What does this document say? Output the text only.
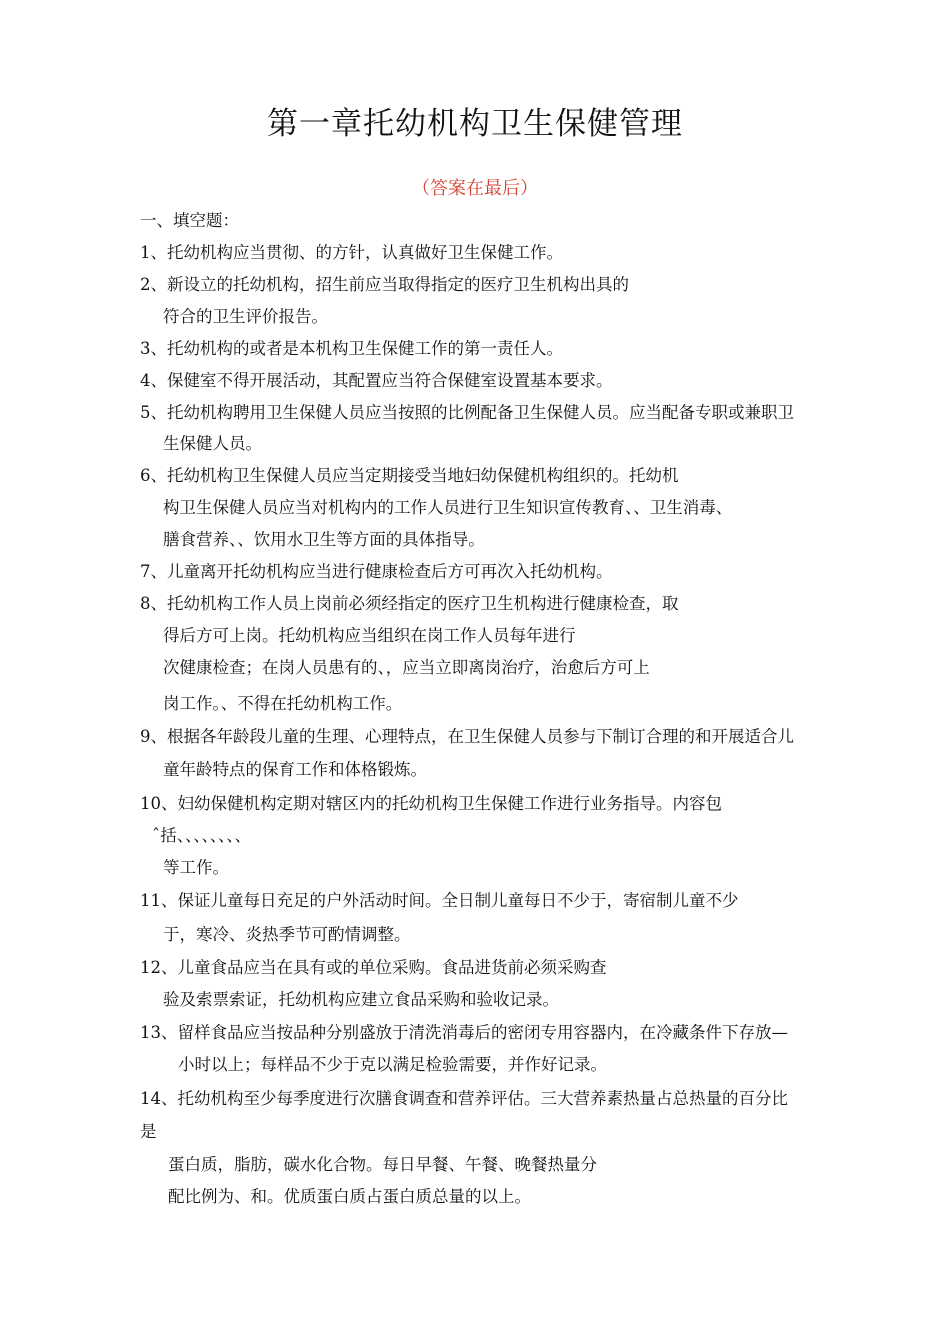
第一章托幼机构卫生保健管理
（答案在最后）
一、填空题：
1、托幼机构应当贯彻、的方针，认真做好卫生保健工作。
2、新设立的托幼机构，招生前应当取得指定的医疗卫生机构出具的
符合的卫生评价报告。
3、托幼机构的或者是本机构卫生保健工作的第一责任人。
4、保健室不得开展活动，其配置应当符合保健室设置基本要求。
5、托幼机构聘用卫生保健人员应当按照的比例配备卫生保健人员。应当配备专职或兼职卫
生保健人员。
6、托幼机构卫生保健人员应当定期接受当地妇幼保健机构组织的。托幼机
构卫生保健人员应当对机构内的工作人员进行卫生知识宣传教育、、卫生消毒、
膳食营养、、饮用水卫生等方面的具体指导。
7、儿童离开托幼机构应当进行健康检查后方可再次入托幼机构。
8、托幼机构工作人员上岗前必须经指定的医疗卫生机构进行健康检查，取
得后方可上岗。托幼机构应当组织在岗工作人员每年进行
次健康检查；在岗人员患有的、，应当立即离岗治疗，治愈后方可上
岗工作。、不得在托幼机构工作。
9、根据各年龄段儿童的生理、心理特点，在卫生保健人员参与下制订合理的和开展适合儿
童年龄特点的保育工作和体格锻炼。
10、妇幼保健机构定期对辖区内的托幼机构卫生保健工作进行业务指导。内容包
ˆ括、、、、、、、、
等工作。
11、保证儿童每日充足的户外活动时间。全日制儿童每日不少于，寄宿制儿童不少
于，寒冷、炎热季节可酌情调整。
12、儿童食品应当在具有或的单位采购。食品进货前必须采购查
验及索票索证，托幼机构应建立食品采购和验收记录。
13、留样食品应当按品种分别盛放于清洗消毒后的密闭专用容器内，在冷藏条件下存放—
小时以上；每样品不少于克以满足检验需要，并作好记录。
14、托幼机构至少每季度进行次膳食调查和营养评估。三大营养素热量占总热量的百分比
是
蛋白质，脂肪，碳水化合物。每日早餐、午餐、晚餐热量分
配比例为、和。优质蛋白质占蛋白质总量的以上。
